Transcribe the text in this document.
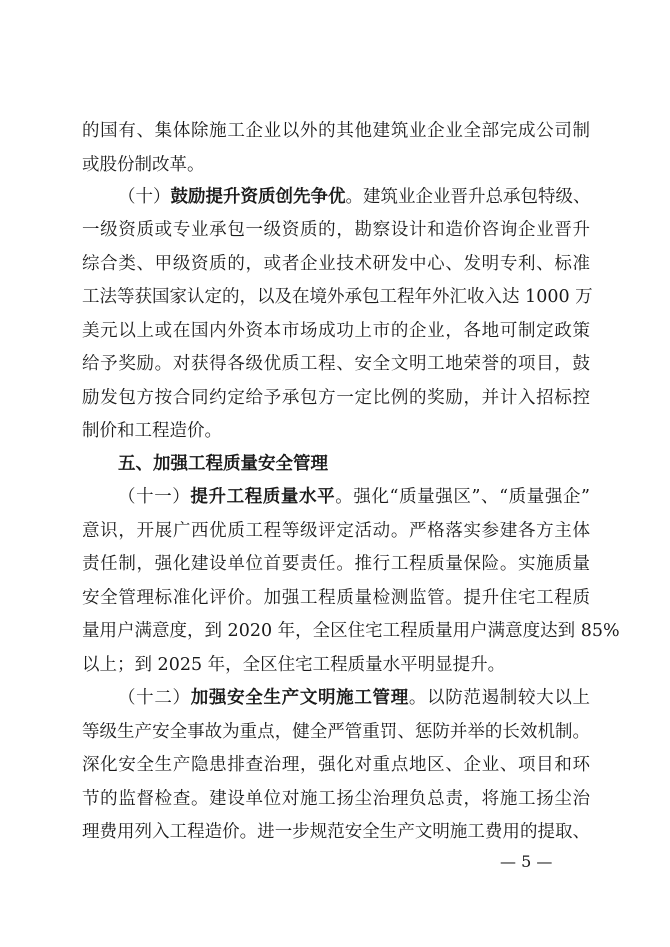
的国有、集体除施工企业以外的其他建筑业企业全部完成公司制
或股份制改革。
（十）鼓励提升资质创先争优。建筑业企业晋升总承包特级、
一级资质或专业承包一级资质的，勘察设计和造价咨询企业晋升
综合类、甲级资质的，或者企业技术研发中心、发明专利、标准
工法等获国家认定的，以及在境外承包工程年外汇收入达 1000 万
美元以上或在国内外资本市场成功上市的企业，各地可制定政策
给予奖励。对获得各级优质工程、安全文明工地荣誉的项目，鼓
励发包方按合同约定给予承包方一定比例的奖励，并计入招标控
制价和工程造价。
五、加强工程质量安全管理
（十一）提升工程质量水平。强化“质量强区”、“质量强企”
意识，开展广西优质工程等级评定活动。严格落实参建各方主体
责任制，强化建设单位首要责任。推行工程质量保险。实施质量
安全管理标准化评价。加强工程质量检测监管。提升住宅工程质
量用户满意度，到 2020 年，全区住宅工程质量用户满意度达到 85%
以上；到 2025 年，全区住宅工程质量水平明显提升。
（十二）加强安全生产文明施工管理。以防范遏制较大以上
等级生产安全事故为重点，健全严管重罚、惩防并举的长效机制。
深化安全生产隐患排查治理，强化对重点地区、企业、项目和环
节的监督检查。建设单位对施工扬尘治理负总责，将施工扬尘治
理费用列入工程造价。进一步规范安全生产文明施工费用的提取、
— 5 —
